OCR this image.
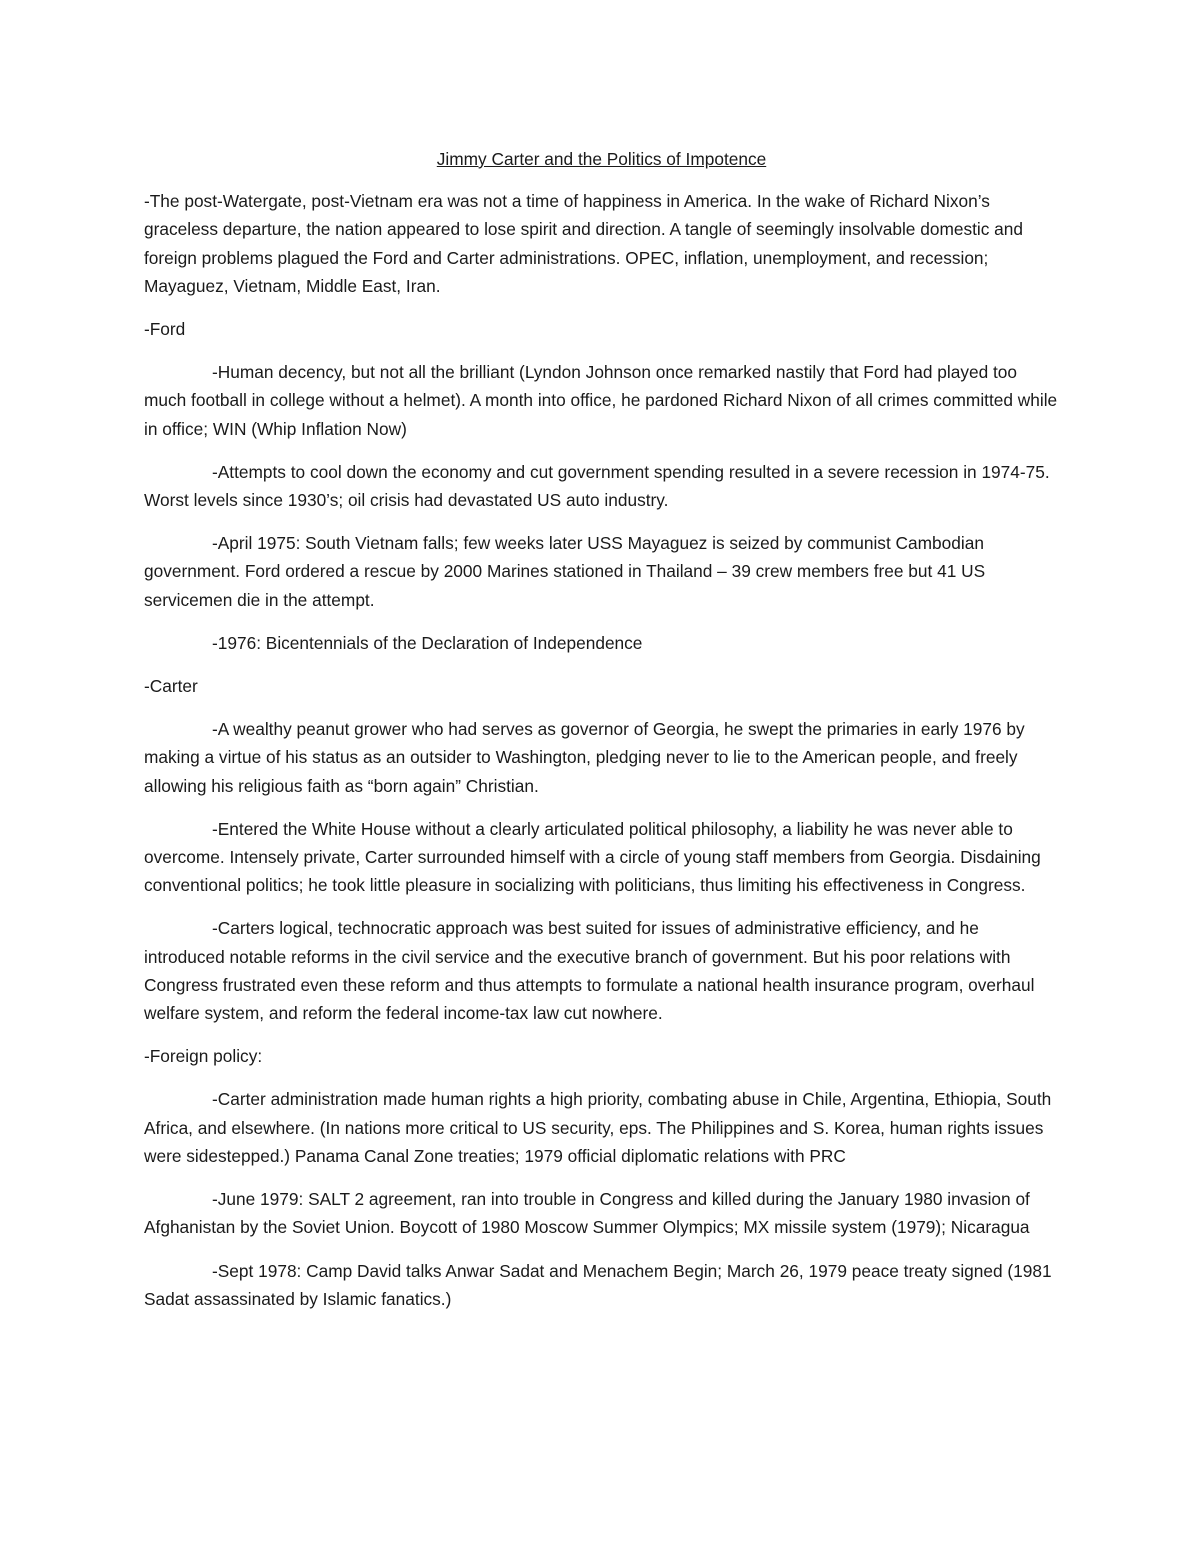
Jimmy Carter and the Politics of Impotence

-The post-Watergate, post-Vietnam era was not a time of happiness in America. In the wake of Richard Nixon’s graceless departure, the nation appeared to lose spirit and direction. A tangle of seemingly insolvable domestic and foreign problems plagued the Ford and Carter administrations. OPEC, inflation, unemployment, and recession; Mayaguez, Vietnam, Middle East, Iran.

-Ford

-Human decency, but not all the brilliant (Lyndon Johnson once remarked nastily that Ford had played too much football in college without a helmet). A month into office, he pardoned Richard Nixon of all crimes committed while in office; WIN (Whip Inflation Now)

-Attempts to cool down the economy and cut government spending resulted in a severe recession in 1974-75. Worst levels since 1930’s; oil crisis had devastated US auto industry.

-April 1975: South Vietnam falls; few weeks later USS Mayaguez is seized by communist Cambodian government. Ford ordered a rescue by 2000 Marines stationed in Thailand – 39 crew members free but 41 US servicemen die in the attempt.

-1976: Bicentennials of the Declaration of Independence

-Carter

-A wealthy peanut grower who had serves as governor of Georgia, he swept the primaries in early 1976 by making a virtue of his status as an outsider to Washington, pledging never to lie to the American people, and freely allowing his religious faith as “born again” Christian.

-Entered the White House without a clearly articulated political philosophy, a liability he was never able to overcome. Intensely private, Carter surrounded himself with a circle of young staff members from Georgia. Disdaining conventional politics; he took little pleasure in socializing with politicians, thus limiting his effectiveness in Congress.

-Carters logical, technocratic approach was best suited for issues of administrative efficiency, and he introduced notable reforms in the civil service and the executive branch of government. But his poor relations with Congress frustrated even these reform and thus attempts to formulate a national health insurance program, overhaul welfare system, and reform the federal income-tax law cut nowhere.

-Foreign policy:

-Carter administration made human rights a high priority, combating abuse in Chile, Argentina, Ethiopia, South Africa, and elsewhere. (In nations more critical to US security, eps. The Philippines and S. Korea, human rights issues were sidestepped.) Panama Canal Zone treaties; 1979 official diplomatic relations with PRC

-June 1979: SALT 2 agreement, ran into trouble in Congress and killed during the January 1980 invasion of Afghanistan by the Soviet Union. Boycott of 1980 Moscow Summer Olympics; MX missile system (1979); Nicaragua

-Sept 1978: Camp David talks Anwar Sadat and Menachem Begin; March 26, 1979 peace treaty signed (1981 Sadat assassinated by Islamic fanatics.)
